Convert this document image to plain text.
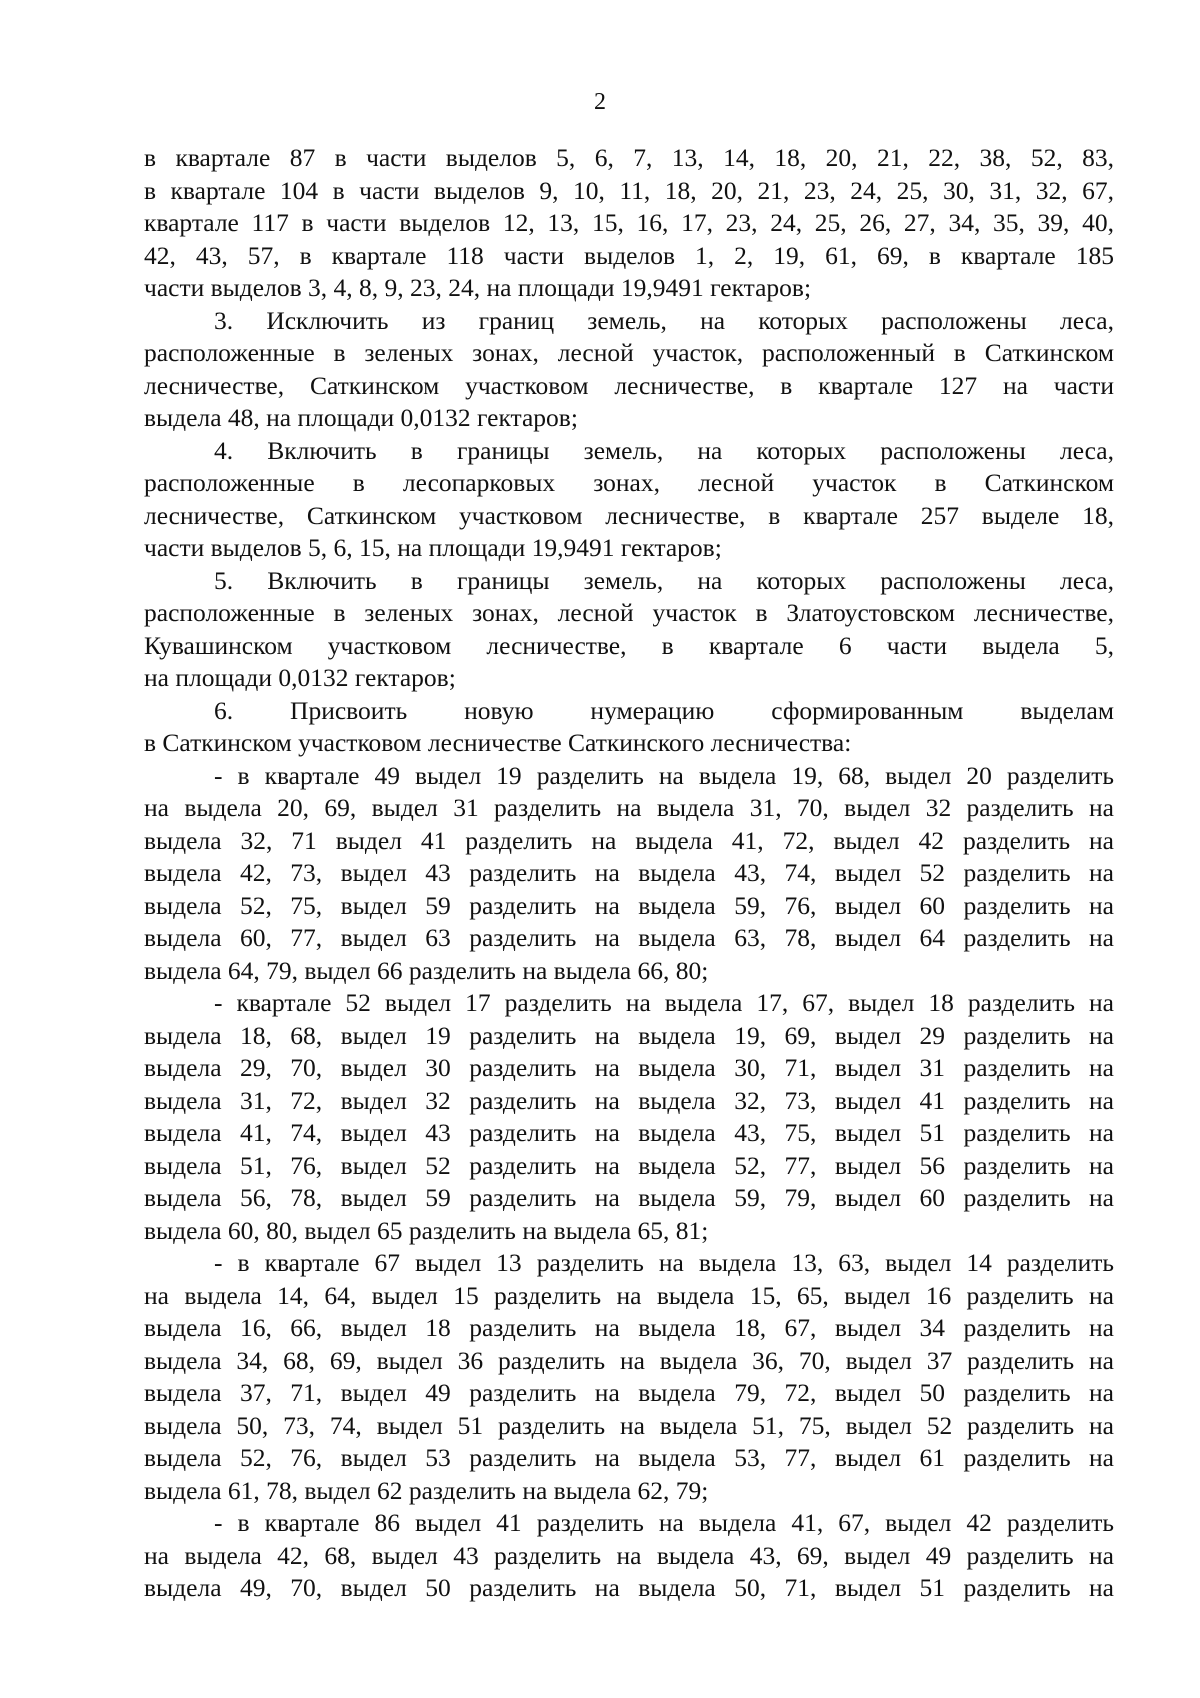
2
в квартале 87 в части выделов 5, 6, 7, 13, 14, 18, 20, 21, 22, 38, 52, 83,
в квартале 104 в части выделов 9, 10, 11, 18, 20, 21, 23, 24, 25, 30, 31, 32, 67,
квартале 117 в части выделов 12, 13, 15, 16, 17, 23, 24, 25, 26, 27, 34, 35, 39, 40,
42, 43, 57, в квартале 118 части выделов 1, 2, 19, 61, 69, в квартале 185
части выделов 3, 4, 8, 9, 23, 24, на площади 19,9491 гектаров;
3. Исключить из границ земель, на которых расположены леса,
расположенные в зеленых зонах, лесной участок, расположенный в Саткинском
лесничестве, Саткинском участковом лесничестве, в квартале 127 на части
выдела 48, на площади 0,0132 гектаров;
4. Включить в границы земель, на которых расположены леса,
расположенные в лесопарковых зонах, лесной участок в Саткинском
лесничестве, Саткинском участковом лесничестве, в квартале 257 выделе 18,
части выделов 5, 6, 15, на площади 19,9491 гектаров;
5. Включить в границы земель, на которых расположены леса,
расположенные в зеленых зонах, лесной участок в Златоустовском лесничестве,
Кувашинском участковом лесничестве, в квартале 6 части выдела 5,
на площади 0,0132 гектаров;
6. Присвоить новую нумерацию сформированным выделам
в Саткинском участковом лесничестве Саткинского лесничества:
- в квартале 49 выдел 19 разделить на выдела 19, 68, выдел 20 разделить
на выдела 20, 69, выдел 31 разделить на выдела 31, 70, выдел 32 разделить на
выдела 32, 71 выдел 41 разделить на выдела 41, 72, выдел 42 разделить на
выдела 42, 73, выдел 43 разделить на выдела 43, 74, выдел 52 разделить на
выдела 52, 75, выдел 59 разделить на выдела 59, 76, выдел 60 разделить на
выдела 60, 77, выдел 63 разделить на выдела 63, 78, выдел 64 разделить на
выдела 64, 79, выдел 66 разделить на выдела 66, 80;
- квартале 52 выдел 17 разделить на выдела 17, 67, выдел 18 разделить на
выдела 18, 68, выдел 19 разделить на выдела 19, 69, выдел 29 разделить на
выдела 29, 70, выдел 30 разделить на выдела 30, 71, выдел 31 разделить на
выдела 31, 72, выдел 32 разделить на выдела 32, 73, выдел 41 разделить на
выдела 41, 74, выдел 43 разделить на выдела 43, 75, выдел 51 разделить на
выдела 51, 76, выдел 52 разделить на выдела 52, 77, выдел 56 разделить на
выдела 56, 78, выдел 59 разделить на выдела 59, 79, выдел 60 разделить на
выдела 60, 80, выдел 65 разделить на выдела 65, 81;
- в квартале 67 выдел 13 разделить на выдела 13, 63, выдел 14 разделить
на выдела 14, 64, выдел 15 разделить на выдела 15, 65, выдел 16 разделить на
выдела 16, 66, выдел 18 разделить на выдела 18, 67, выдел 34 разделить на
выдела 34, 68, 69, выдел 36 разделить на выдела 36, 70, выдел 37 разделить на
выдела 37, 71, выдел 49 разделить на выдела 79, 72, выдел 50 разделить на
выдела 50, 73, 74, выдел 51 разделить на выдела 51, 75, выдел 52 разделить на
выдела 52, 76, выдел 53 разделить на выдела 53, 77, выдел 61 разделить на
выдела 61, 78, выдел 62 разделить на выдела 62, 79;
- в квартале 86 выдел 41 разделить на выдела 41, 67, выдел 42 разделить
на выдела 42, 68, выдел 43 разделить на выдела 43, 69, выдел 49 разделить на
выдела 49, 70, выдел 50 разделить на выдела 50, 71, выдел 51 разделить на
